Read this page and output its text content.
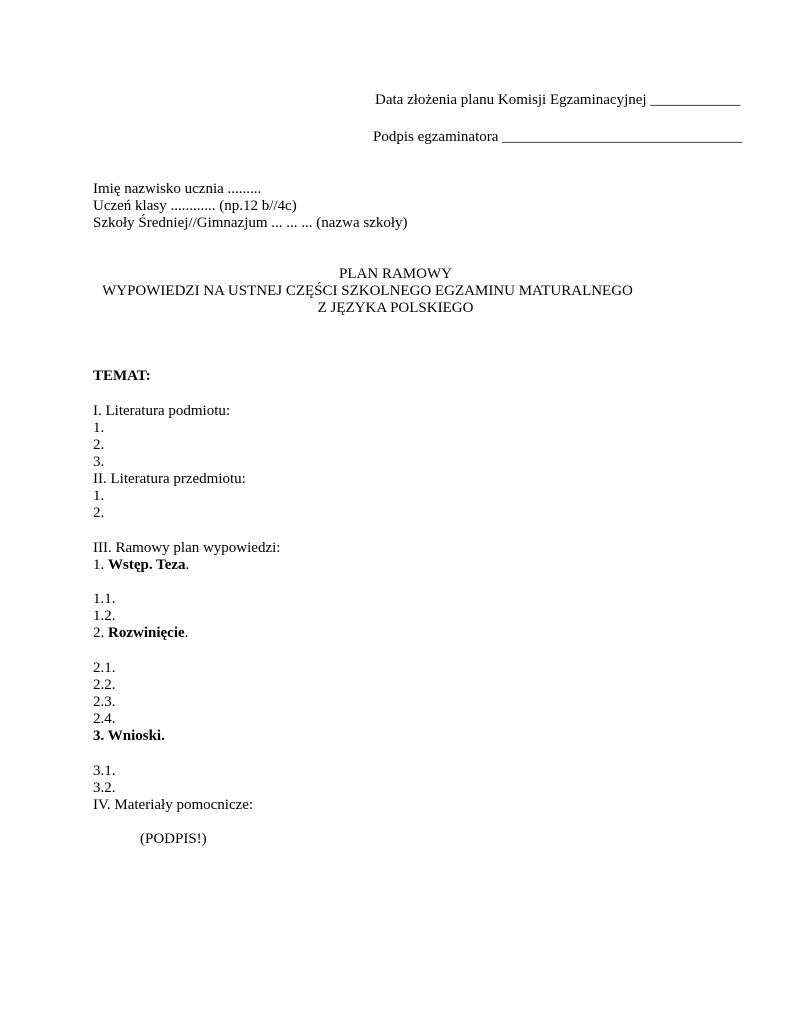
Data złożenia planu Komisji Egzaminacyjnej ____________
Podpis egzaminatora ________________________________
Imię nazwisko ucznia .........
Uczeń klasy ............ (np.12 b//4c)
Szkoły Średniej//Gimnazjum ... ... ... (nazwa szkoły)
PLAN RAMOWY
WYPOWIEDZI NA USTNEJ CZĘŚCI SZKOLNEGO EGZAMINU MATURALNEGO
Z JĘZYKA POLSKIEGO
TEMAT:
I. Literatura podmiotu:
1.
2.
3.
II. Literatura przedmiotu:
1.
2.
III. Ramowy plan wypowiedzi:
1. Wstęp. Teza.
1.1.
1.2.
2. Rozwinięcie.
2.1.
2.2.
2.3.
2.4.
3. Wnioski.
3.1.
3.2.
IV. Materiały pomocnicze:
(PODPIS!)
